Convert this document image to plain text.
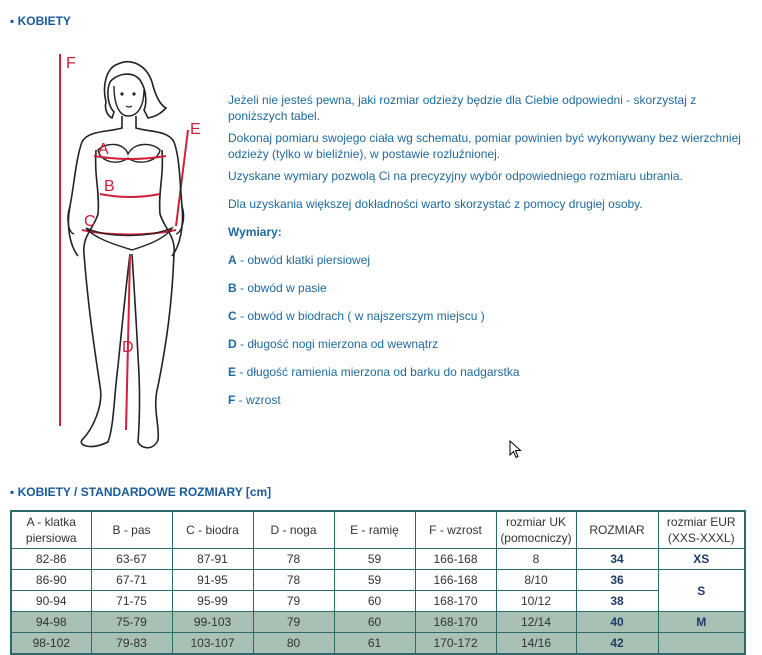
▪ KOBIETY
F
E
A
B
C
D

Jeżeli nie jesteś pewna, jaki rozmiar odzieży będzie dla Ciebie odpowiedni - skorzystaj z poniższych tabel.

Dokonaj pomiaru swojego ciała wg schematu, pomiar powinien być wykonywany bez wierzchniej odzieży (tylko w bieliźnie), w postawie rozluźnionej.

Uzyskane wymiary pozwolą Ci na precyzyjny wybór odpowiedniego rozmiaru ubrania.

Dla uzyskania większej dokładności warto skorzystać z pomocy drugiej osoby.

Wymiary:

A - obwód klatki piersiowej

B - obwód w pasie

C - obwód w biodrach ( w najszerszym miejscu )

D - długość nogi mierzona od wewnątrz

E - długość ramienia mierzona od barku do nadgarstka

F - wzrost

▪ KOBIETY / STANDARDOWE ROZMIARY [cm]
A - klatka piersiowa	B - pas	C - biodra	D - noga	E - ramię	F - wzrost	rozmiar UK (pomocniczy)	ROZMIAR	rozmiar EUR (XXS-XXXL)
82-86	63-67	87-91	78	59	166-168	8	34	XS
86-90	67-71	91-95	78	59	166-168	8/10	36	S
90-94	71-75	95-99	79	60	168-170	10/12	38	
94-98	75-79	99-103	79	60	168-170	12/14	40	M
98-102	79-83	103-107	80	61	170-172	14/16	42	
